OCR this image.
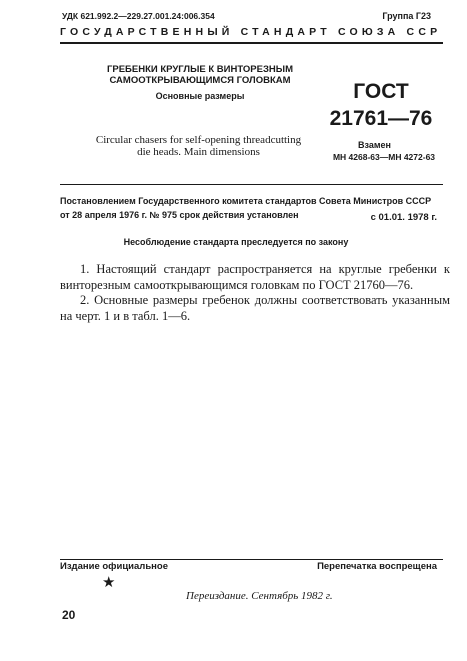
УДК 621.992.2—229.27.001.24:006.354	Группа Г23
ГОСУДАРСТВЕННЫЙ СТАНДАРТ СОЮЗА ССР
ГРЕБЕНКИ КРУГЛЫЕ К ВИНТОРЕЗНЫМ
САМООТКРЫВАЮЩИМСЯ ГОЛОВКАМ
Основные размеры
Circular chasers for self-opening threadcutting
die heads. Main dimensions
ГОСТ
21761—76
Взамен
МН 4268-63—МН 4272-63
Постановлением Государственного комитета стандартов Совета Министров СССР
от 28 апреля 1976 г. № 975 срок действия установлен	с 01.01. 1978 г.
Несоблюдение стандарта преследуется по закону

1. Настоящий стандарт распространяется на круглые гребенки к винторезным самооткрывающимся головкам по ГОСТ 21760—76.

2. Основные размеры гребенок должны соответствовать указанным на черт. 1 и в табл. 1—6.

Издание официальное	Перепечатка воспрещена
★
Переиздание. Сентябрь 1982 г.
20
